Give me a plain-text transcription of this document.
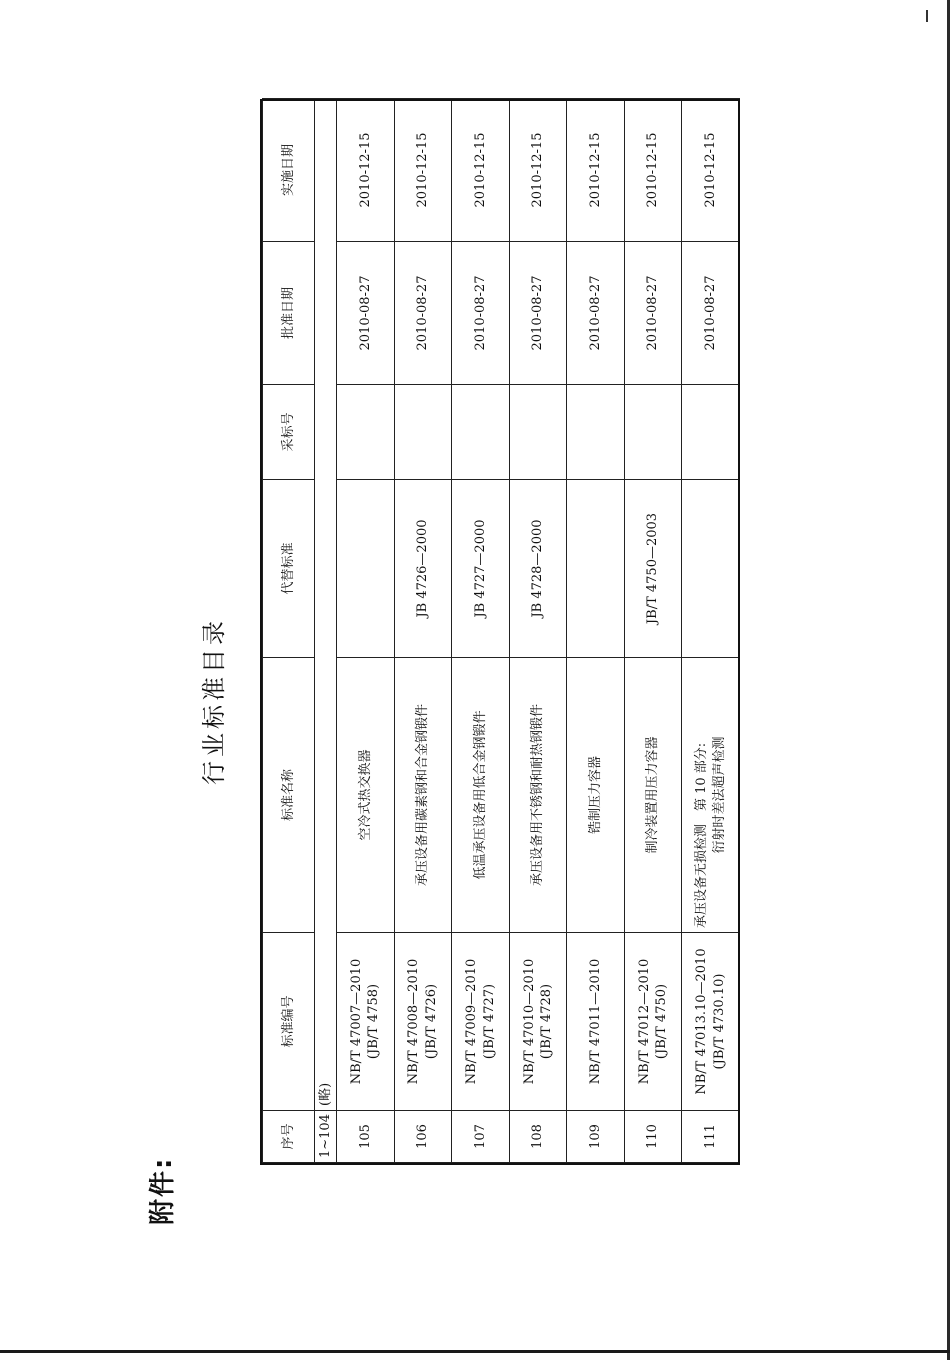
附件:
行业标准目录
序号	标准编号	标准名称	代替标准	采标号	批准日期	实施日期
1~104	(略)					
105	NB/T 47007—2010 (JB/T 4758)	空冷式热交换器			2010-08-27	2010-12-15
106	NB/T 47008—2010 (JB/T 4726)	承压设备用碳素钢和合金钢锻件	JB 4726—2000		2010-08-27	2010-12-15
107	NB/T 47009—2010 (JB/T 4727)	低温承压设备用低合金钢锻件	JB 4727—2000		2010-08-27	2010-12-15
108	NB/T 47010—2010 (JB/T 4728)	承压设备用不锈钢和耐热钢锻件	JB 4728—2000		2010-08-27	2010-12-15
109	NB/T 47011—2010	锆制压力容器			2010-08-27	2010-12-15
110	NB/T 47012—2010 (JB/T 4750)	制冷装置用压力容器	JB/T 4750—2003		2010-08-27	2010-12-15
111	NB/T 47013.10—2010 (JB/T 4730.10)	承压设备无损检测　第 10 部分: 衍射时差法超声检测			2010-08-27	2010-12-15
